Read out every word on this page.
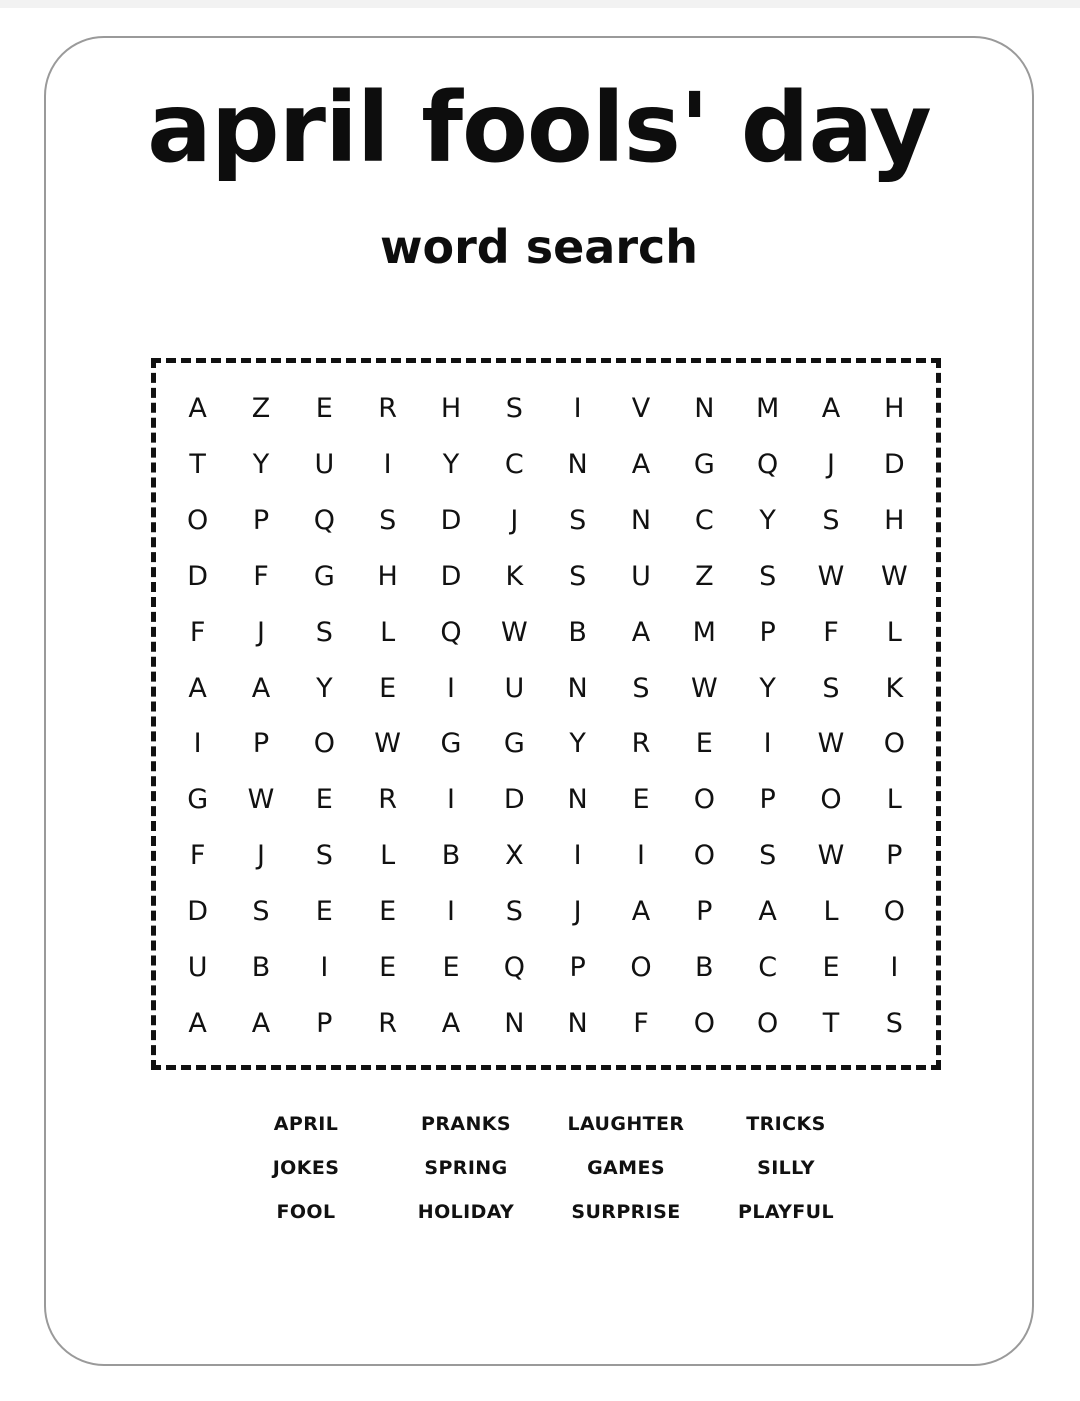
april fools' day
word search
A Z E R H S I V N M A H
T Y U I Y C N A G Q J D
O P Q S D J S N C Y S H
D F G H D K S U Z S W W
F J S L Q W B A M P F L
A A Y E I U N S W Y S K
I P O W G G Y R E I W O
G W E R I D N E O P O L
F J S L B X I I O S W P
D S E E I S J A P A L O
U B I E E Q P O B C E I
A A P R A N N F O O T S
APRIL	PRANKS	LAUGHTER	TRICKS
JOKES	SPRING	GAMES	SILLY
FOOL	HOLIDAY	SURPRISE	PLAYFUL
